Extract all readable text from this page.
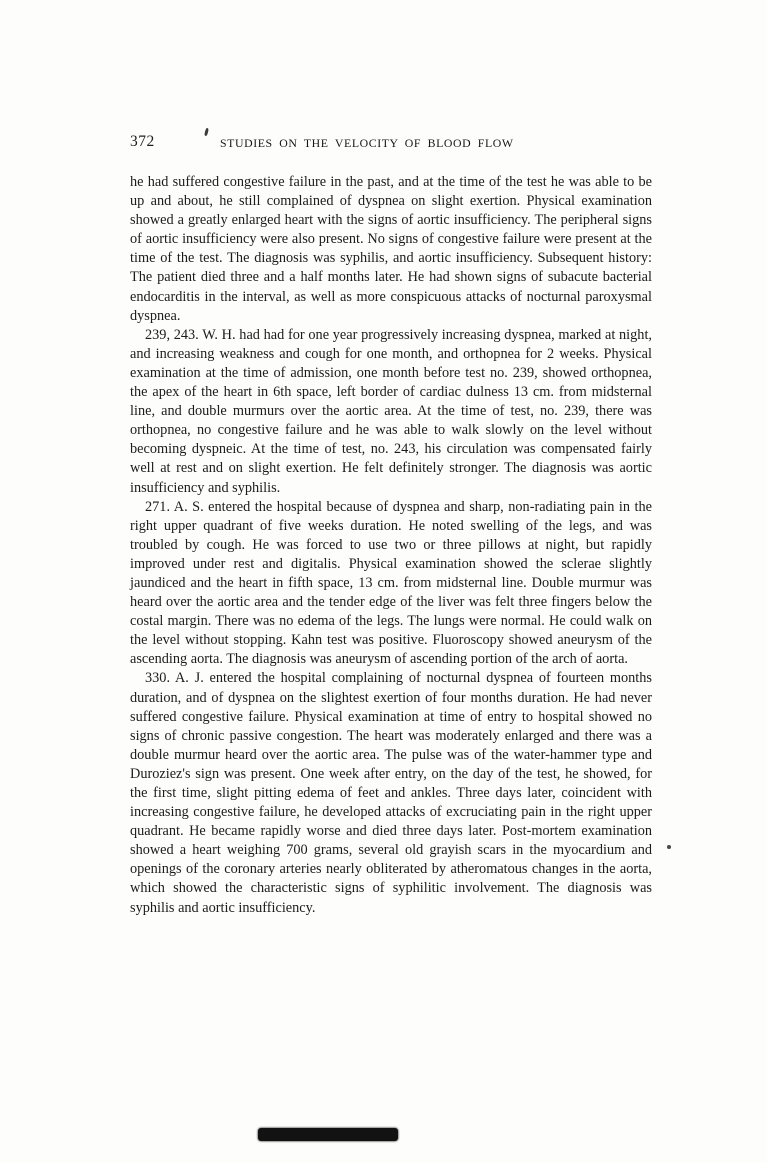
372	STUDIES ON THE VELOCITY OF BLOOD FLOW

he had suffered congestive failure in the past, and at the time of the test he was able to be up and about, he still complained of dyspnea on slight exertion. Physical examination showed a greatly enlarged heart with the signs of aortic insufficiency. The peripheral signs of aortic insufficiency were also present. No signs of congestive failure were present at the time of the test. The diagnosis was syphilis, and aortic insufficiency. Subsequent history: The patient died three and a half months later. He had shown signs of subacute bacterial endocarditis in the interval, as well as more conspicuous attacks of nocturnal paroxysmal dyspnea.

239, 243. W. H. had had for one year progressively increasing dyspnea, marked at night, and increasing weakness and cough for one month, and orthopnea for 2 weeks. Physical examination at the time of admission, one month before test no. 239, showed orthopnea, the apex of the heart in 6th space, left border of cardiac dulness 13 cm. from midsternal line, and double murmurs over the aortic area. At the time of test, no. 239, there was orthopnea, no congestive failure and he was able to walk slowly on the level without becoming dyspneic. At the time of test, no. 243, his circulation was compensated fairly well at rest and on slight exertion. He felt definitely stronger. The diagnosis was aortic insufficiency and syphilis.

271. A. S. entered the hospital because of dyspnea and sharp, non-radiating pain in the right upper quadrant of five weeks duration. He noted swelling of the legs, and was troubled by cough. He was forced to use two or three pillows at night, but rapidly improved under rest and digitalis. Physical examination showed the sclerae slightly jaundiced and the heart in fifth space, 13 cm. from midsternal line. Double murmur was heard over the aortic area and the tender edge of the liver was felt three fingers below the costal margin. There was no edema of the legs. The lungs were normal. He could walk on the level without stopping. Kahn test was positive. Fluoroscopy showed aneurysm of the ascending aorta. The diagnosis was aneurysm of ascending portion of the arch of aorta.

330. A. J. entered the hospital complaining of nocturnal dyspnea of fourteen months duration, and of dyspnea on the slightest exertion of four months duration. He had never suffered congestive failure. Physical examination at time of entry to hospital showed no signs of chronic passive congestion. The heart was moderately enlarged and there was a double murmur heard over the aortic area. The pulse was of the water-hammer type and Duroziez's sign was present. One week after entry, on the day of the test, he showed, for the first time, slight pitting edema of feet and ankles. Three days later, coincident with increasing congestive failure, he developed attacks of excruciating pain in the right upper quadrant. He became rapidly worse and died three days later. Post-mortem examination showed a heart weighing 700 grams, several old grayish scars in the myocardium and openings of the coronary arteries nearly obliterated by atheromatous changes in the aorta, which showed the characteristic signs of syphilitic involvement. The diagnosis was syphilis and aortic insufficiency.
